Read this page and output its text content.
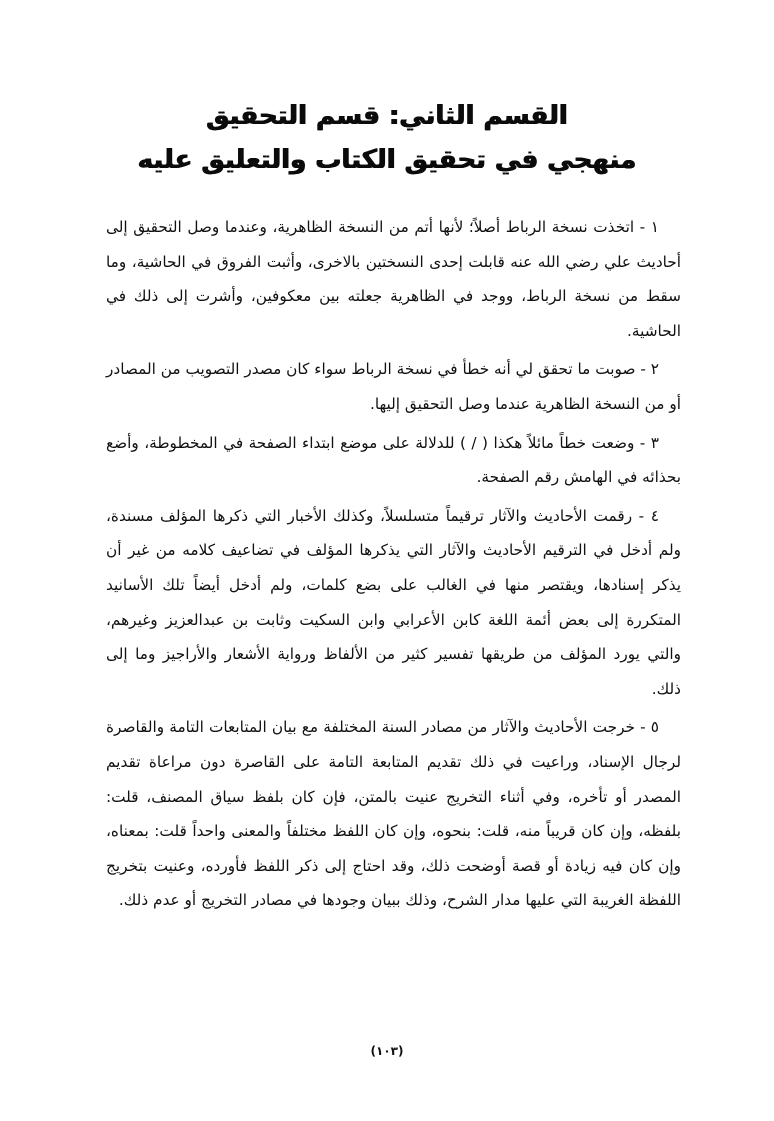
القسم الثاني: قسم التحقيق
منهجي في تحقيق الكتاب والتعليق عليه

١ - اتخذت نسخة الرباط أصلاً؛ لأنها أتم من النسخة الظاهرية، وعندما وصل التحقيق إلى أحاديث علي رضي الله عنه قابلت إحدى النسختين بالاخرى، وأثبت الفروق في الحاشية، وما سقط من نسخة الرباط، ووجد في الظاهرية جعلته بين معكوفين، وأشرت إلى ذلك في الحاشية.

٢ - صوبت ما تحقق لي أنه خطأ في نسخة الرباط سواء كان مصدر التصويب من المصادر أو من النسخة الظاهرية عندما وصل التحقيق إليها.

٣ - وضعت خطاً مائلاً هكذا ( / ) للدلالة على موضع ابتداء الصفحة في المخطوطة، وأضع بحذائه في الهامش رقم الصفحة.

٤ - رقمت الأحاديث والآثار ترقيماً متسلسلاً، وكذلك الأخبار التي ذكرها المؤلف مسندة، ولم أدخل في الترقيم الأحاديث والآثار التي يذكرها المؤلف في تضاعيف كلامه من غير أن يذكر إسنادها، ويقتصر منها في الغالب على بضع كلمات، ولم أدخل أيضاً تلك الأسانيد المتكررة إلى بعض أئمة اللغة كابن الأعرابي وابن السكيت وثابت بن عبدالعزيز وغيرهم، والتي يورد المؤلف من طريقها تفسير كثير من الألفاظ ورواية الأشعار والأراجيز وما إلى ذلك.

٥ - خرجت الأحاديث والآثار من مصادر السنة المختلفة مع بيان المتابعات التامة والقاصرة لرجال الإسناد، وراعيت في ذلك تقديم المتابعة التامة على القاصرة دون مراعاة تقديم المصدر أو تأخره، وفي أثناء التخريج عنيت بالمتن، فإن كان بلفظ سياق المصنف، قلت: بلفظه، وإن كان قريباً منه، قلت: بنحوه، وإن كان اللفظ مختلفاً والمعنى واحداً قلت: بمعناه، وإن كان فيه زيادة أو قصة أوضحت ذلك، وقد احتاج إلى ذكر اللفظ فأورده، وعنيت بتخريج اللفظة الغريبة التي عليها مدار الشرح، وذلك ببيان وجودها في مصادر التخريج أو عدم ذلك.

(١٠٣)
